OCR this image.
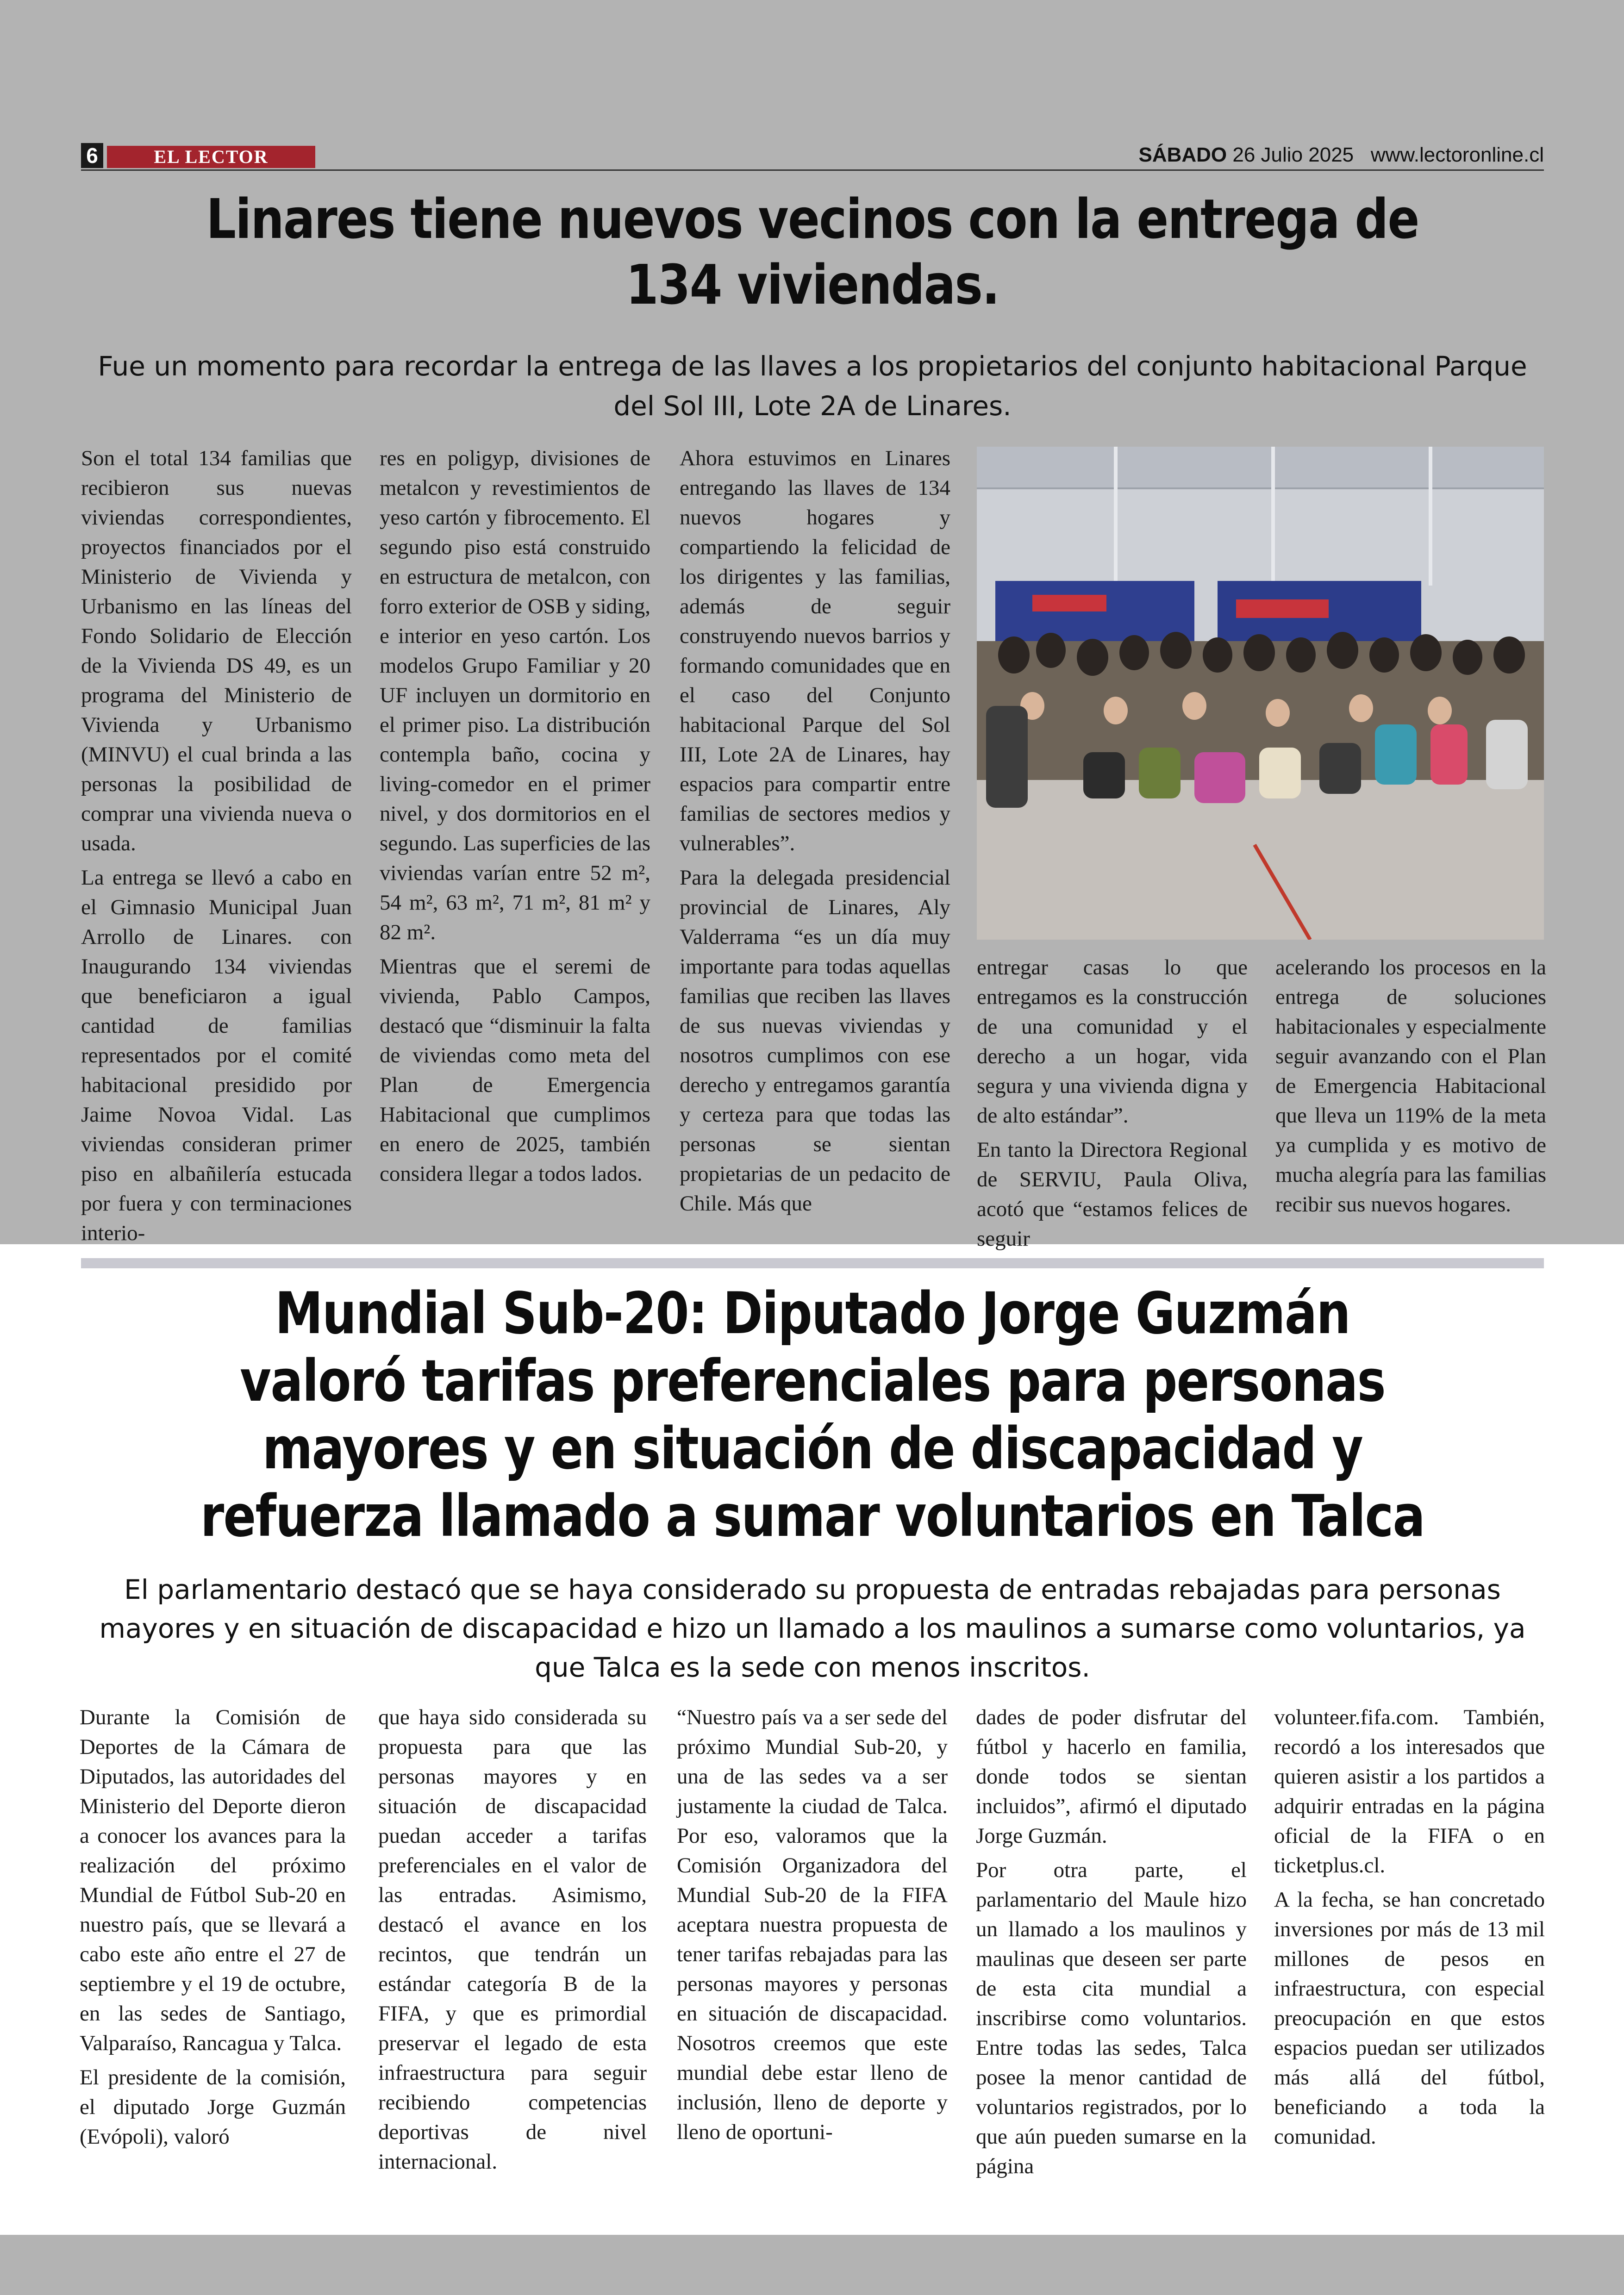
6	EL LECTOR	SÁBADO 26 Julio 2025 www.lectoronline.cl
Linares tiene nuevos vecinos con la entrega de 134 viviendas.

Fue un momento para recordar la entrega de las llaves a los propietarios del conjunto habitacional Parque del Sol III, Lote 2A de Linares.

Son el total 134 familias que recibieron sus nuevas viviendas correspondientes, proyectos financiados por el Ministerio de Vivienda y Urbanismo en las líneas del Fondo Solidario de Elección de la Vivienda DS 49, es un programa del Ministerio de Vivienda y Urbanismo (MINVU) el cual brinda a las personas la posibilidad de comprar una vivienda nueva o usada.

La entrega se llevó a cabo en el Gimnasio Municipal Juan Arrollo de Linares. con Inaugurando 134 viviendas que beneficiaron a igual cantidad de familias representados por el comité habitacional presidido por Jaime Novoa Vidal. Las viviendas consideran primer piso en albañilería estucada por fuera y con terminaciones interio-

res en poligyp, divisiones de metalcon y revestimientos de yeso cartón y fibrocemento. El segundo piso está construido en estructura de metalcon, con forro exterior de OSB y siding, e interior en yeso cartón. Los modelos Grupo Familiar y 20 UF incluyen un dormitorio en el primer piso. La distribución contempla baño, cocina y living-comedor en el primer nivel, y dos dormitorios en el segundo. Las superficies de las viviendas varían entre 52 m², 54 m², 63 m², 71 m², 81 m² y 82 m².

Mientras que el seremi de vivienda, Pablo Campos, destacó que “disminuir la falta de viviendas como meta del Plan de Emergencia Habitacional que cumplimos en enero de 2025, también considera llegar a todos lados.

Ahora estuvimos en Linares entregando las llaves de 134 nuevos hogares y compartiendo la felicidad de los dirigentes y las familias, además de seguir construyendo nuevos barrios y formando comunidades que en el caso del Conjunto habitacional Parque del Sol III, Lote 2A de Linares, hay espacios para compartir entre familias de sectores medios y vulnerables”.

Para la delegada presidencial provincial de Linares, Aly Valderrama “es un día muy importante para todas aquellas familias que reciben las llaves de sus nuevas viviendas y nosotros cumplimos con ese derecho y entregamos garantía y certeza para que todas las personas se sientan propietarias de un pedacito de Chile. Más que

entregar casas lo que entregamos es la construcción de una comunidad y el derecho a un hogar, vida segura y una vivienda digna y de alto estándar”.

En tanto la Directora Regional de SERVIU, Paula Oliva, acotó que “estamos felices de seguir

acelerando los procesos en la entrega de soluciones habitacionales y especialmente seguir avanzando con el Plan de Emergencia Habitacional que lleva un 119% de la meta ya cumplida y es motivo de mucha alegría para las familias recibir sus nuevos hogares.

Mundial Sub-20: Diputado Jorge Guzmán valoró tarifas preferenciales para personas mayores y en situación de discapacidad y refuerza llamado a sumar voluntarios en Talca

El parlamentario destacó que se haya considerado su propuesta de entradas rebajadas para personas mayores y en situación de discapacidad e hizo un llamado a los maulinos a sumarse como voluntarios, ya que Talca es la sede con menos inscritos.

Durante la Comisión de Deportes de la Cámara de Diputados, las autoridades del Ministerio del Deporte dieron a conocer los avances para la realización del próximo Mundial de Fútbol Sub-20 en nuestro país, que se llevará a cabo este año entre el 27 de septiembre y el 19 de octubre, en las sedes de Santiago, Valparaíso, Rancagua y Talca.

El presidente de la comisión, el diputado Jorge Guzmán (Evópoli), valoró

que haya sido considerada su propuesta para que las personas mayores y en situación de discapacidad puedan acceder a tarifas preferenciales en el valor de las entradas. Asimismo, destacó el avance en los recintos, que tendrán un estándar categoría B de la FIFA, y que es primordial preservar el legado de esta infraestructura para seguir recibiendo competencias deportivas de nivel internacional.

“Nuestro país va a ser sede del próximo Mundial Sub-20, y una de las sedes va a ser justamente la ciudad de Talca. Por eso, valoramos que la Comisión Organizadora del Mundial Sub-20 de la FIFA aceptara nuestra propuesta de tener tarifas rebajadas para las personas mayores y personas en situación de discapacidad. Nosotros creemos que este mundial debe estar lleno de inclusión, lleno de deporte y lleno de oportuni-

dades de poder disfrutar del fútbol y hacerlo en familia, donde todos se sientan incluidos”, afirmó el diputado Jorge Guzmán.

Por otra parte, el parlamentario del Maule hizo un llamado a los maulinos y maulinas que deseen ser parte de esta cita mundial a inscribirse como voluntarios. Entre todas las sedes, Talca posee la menor cantidad de voluntarios registrados, por lo que aún pueden sumarse en la página

volunteer.fifa.com. También, recordó a los interesados que quieren asistir a los partidos a adquirir entradas en la página oficial de la FIFA o en ticketplus.cl.

A la fecha, se han concretado inversiones por más de 13 mil millones de pesos en infraestructura, con especial preocupación en que estos espacios puedan ser utilizados más allá del fútbol, beneficiando a toda la comunidad.
